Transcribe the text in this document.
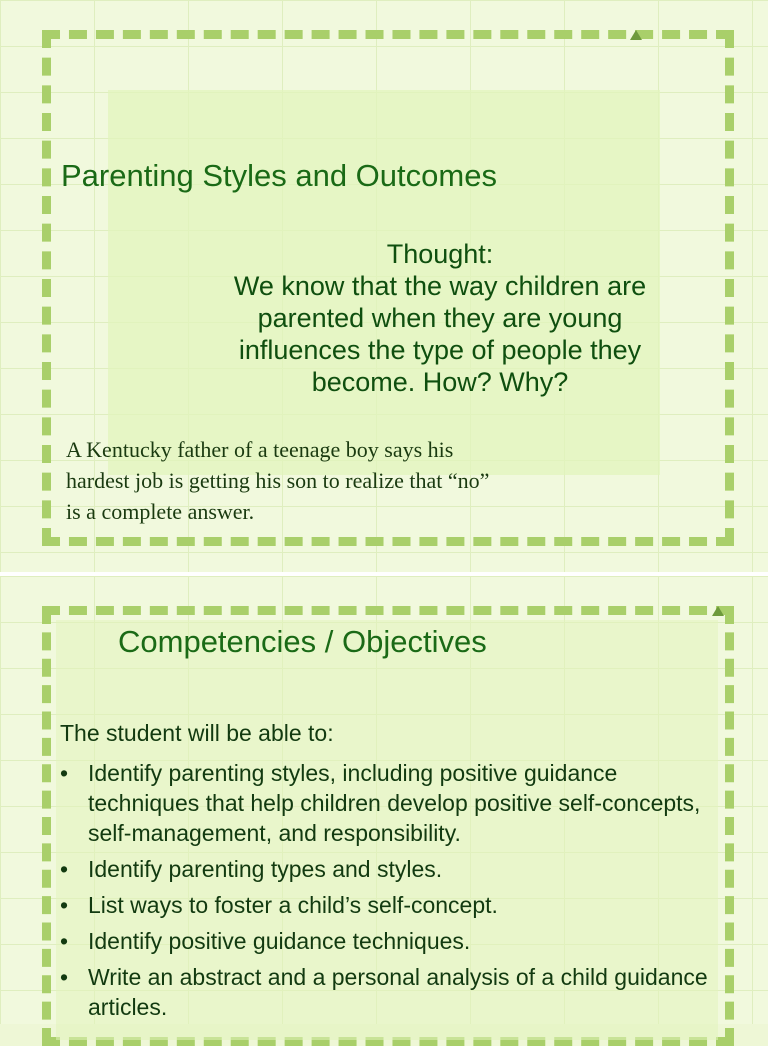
Parenting Styles and Outcomes
Thought:
We know that the way children are parented when they are young influences the type of people they become. How? Why?
A Kentucky father of a teenage boy says his hardest job is getting his son to realize that “no” is a complete answer.
Competencies / Objectives
The student will be able to:
• Identify parenting styles, including positive guidance techniques that help children develop positive self-concepts, self-management, and responsibility.
• Identify parenting types and styles.
• List ways to foster a child’s self-concept.
• Identify positive guidance techniques.
• Write an abstract and a personal analysis of a child guidance articles.
